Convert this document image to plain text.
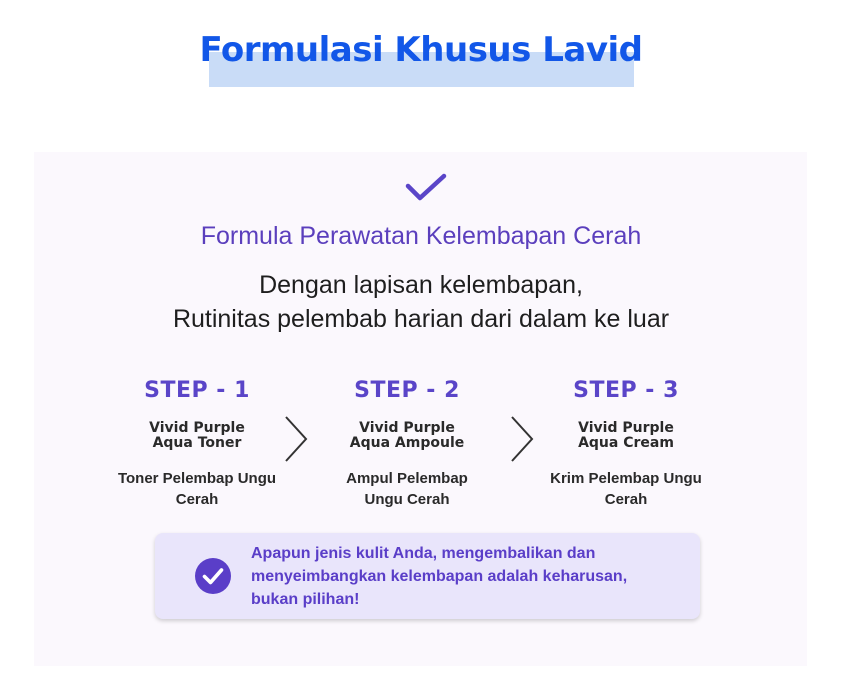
Formulasi Khusus Lavid
Formula Perawatan Kelembapan Cerah
Dengan lapisan kelembapan,
Rutinitas pelembab harian dari dalam ke luar
STEP - 1
Vivid Purple
Aqua Toner
Toner Pelembap Ungu
Cerah
STEP - 2
Vivid Purple
Aqua Ampoule
Ampul Pelembap
Ungu Cerah
STEP - 3
Vivid Purple
Aqua Cream
Krim Pelembap Ungu
Cerah
Apapun jenis kulit Anda, mengembalikan dan
menyeimbangkan kelembapan adalah keharusan,
bukan pilihan!
